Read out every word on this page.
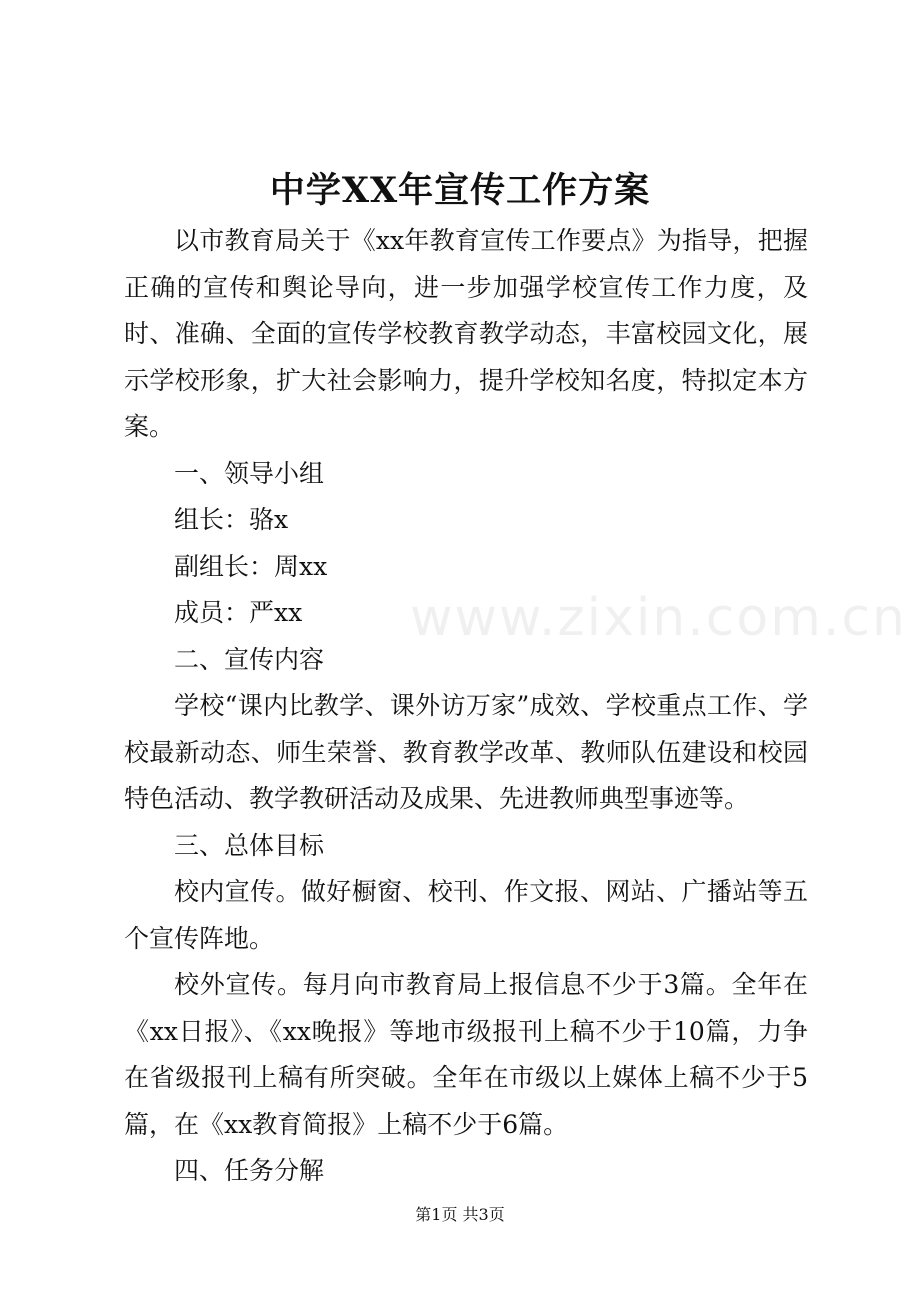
中学XX年宣传工作方案
www.zixin.com.cn

以市教育局关于《xx年教育宣传工作要点》为指导，把握正确的宣传和舆论导向，进一步加强学校宣传工作力度，及时、准确、全面的宣传学校教育教学动态，丰富校园文化，展示学校形象，扩大社会影响力，提升学校知名度，特拟定本方案。

一、领导小组

组长：骆x

副组长：周xx

成员：严xx

二、宣传内容

学校“课内比教学、课外访万家”成效、学校重点工作、学校最新动态、师生荣誉、教育教学改革、教师队伍建设和校园特色活动、教学教研活动及成果、先进教师典型事迹等。

三、总体目标

校内宣传。做好橱窗、校刊、作文报、网站、广播站等五个宣传阵地。

校外宣传。每月向市教育局上报信息不少于3篇。全年在《xx日报》、《xx晚报》等地市级报刊上稿不少于10篇，力争在省级报刊上稿有所突破。全年在市级以上媒体上稿不少于5篇，在《xx教育简报》上稿不少于6篇。

四、任务分解

第1页 共3页
